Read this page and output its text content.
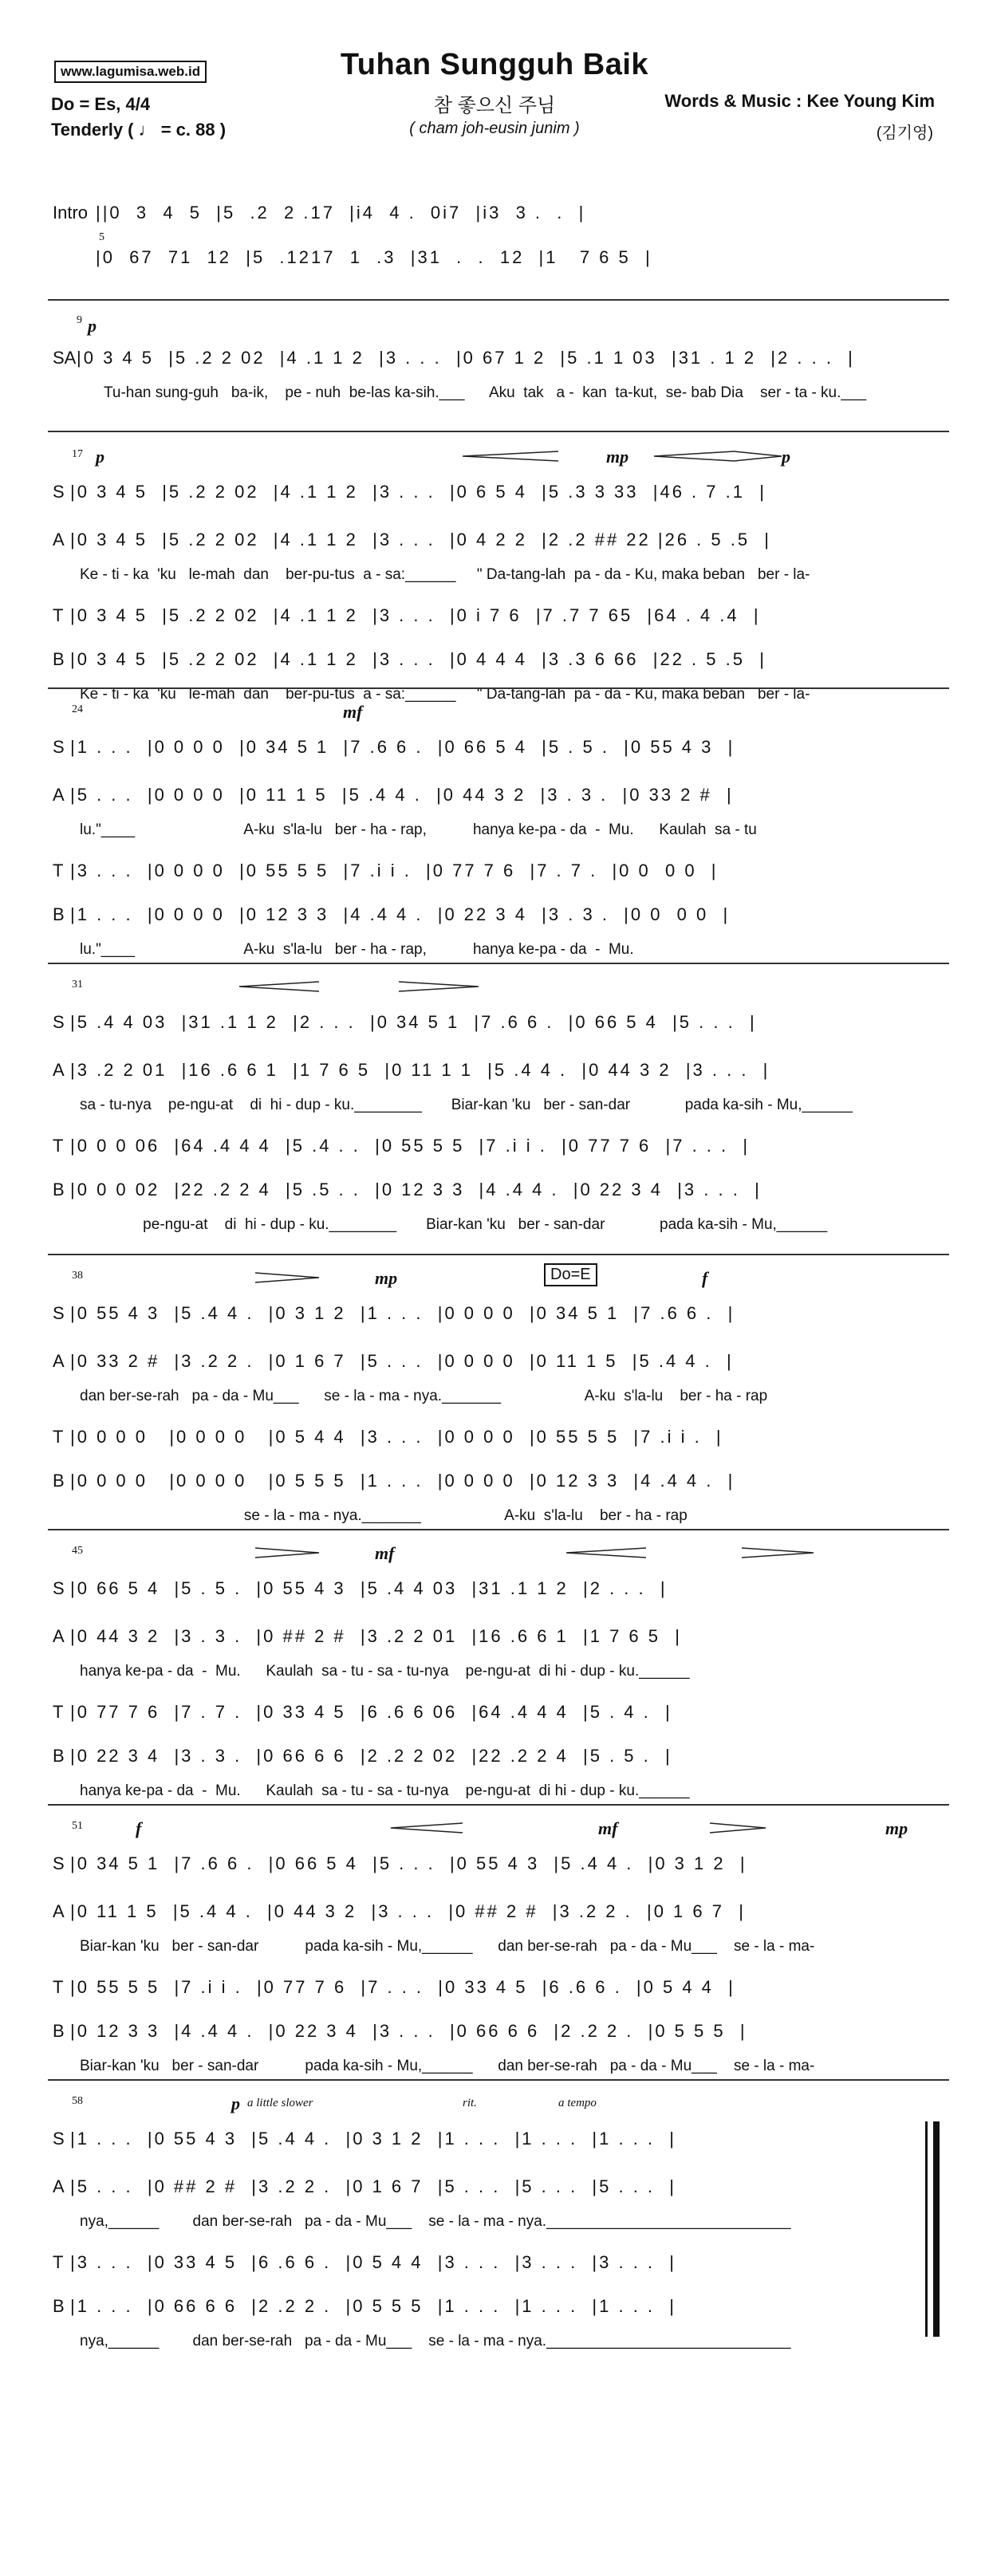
www.lagumisa.web.id	Tuhan Sungguh Baik
참 좋으신 주님
( cham joh-eusin junim )
Do = Es, 4/4
Tenderly ( ♩ = c. 88 )
Words & Music : Kee Young Kim
(김기영)

Intro

||0  3  4  5  |5  .2  2 .17  |i4  4 .  0i7  |i3  3 .  .  |

5

|0  67  71  12  |5  .1217  1  .3  |31  .  .  12  |1   7 6 5  |

9 p

SA

|0 3 4 5  |5 .2 2 02  |4 .1 1 2  |3 . . .  |0 67 1 2  |5 .1 1 03  |31 . 1 2  |2 . . .  |

Tu-han sung-guh   ba-ik,    pe - nuh  be-las ka-sih.___      Aku  tak   a -  kan  ta-kut,  se- bab Dia    ser - ta - ku.___

17 p	mp	p
S |0 3 4 5  |5 .2 2 02  |4 .1 1 2  |3 . . .  |0 6 5 4  |5 .3 3 33  |46 . 7 .1  |
A |0 3 4 5  |5 .2 2 02  |4 .1 1 2  |3 . . .  |0 4 2 2  |2 .2 ## 22 |26 . 5 .5  |
T |0 3 4 5  |5 .2 2 02  |4 .1 1 2  |3 . . .  |0 i 7 6  |7 .7 7 65  |64 . 4 .4  |
B |0 3 4 5  |5 .2 2 02  |4 .1 1 2  |3 . . .  |0 4 4 4  |3 .3 6 66  |22 . 5 .5  |
Ke - ti - ka  'ku   le-mah  dan    ber-pu-tus  a - sa:______     " Da-tang-lah  pa - da - Ku, maka beban   ber - la-
Ke - ti - ka  'ku   le-mah  dan    ber-pu-tus  a - sa:______     " Da-tang-lah  pa - da - Ku, maka beban   ber - la-
24	mf
S |1 . . .  |0 0 0 0  |0 34 5 1  |7 .6 6 .  |0 66 5 4  |5 . 5 .  |0 55 4 3  |
A |5 . . .  |0 0 0 0  |0 11 1 5  |5 .4 4 .  |0 44 3 2  |3 . 3 .  |0 33 2 #  |
T |3 . . .  |0 0 0 0  |0 55 5 5  |7 .i i .  |0 77 7 6  |7 . 7 .  |0 0  0 0  |
B |1 . . .  |0 0 0 0  |0 12 3 3  |4 .4 4 .  |0 22 3 4  |3 . 3 .  |0 0  0 0  |
lu."____                          A-ku  s'la-lu   ber - ha - rap,           hanya ke-pa - da  -  Mu.      Kaulah  sa - tu
lu."____                          A-ku  s'la-lu   ber - ha - rap,           hanya ke-pa - da  -  Mu.
31
S |5 .4 4 03  |31 .1 1 2  |2 . . .  |0 34 5 1  |7 .6 6 .  |0 66 5 4  |5 . . .  |
A |3 .2 2 01  |16 .6 6 1  |1 7 6 5  |0 11 1 1  |5 .4 4 .  |0 44 3 2  |3 . . .  |
T |0 0 0 06  |64 .4 4 4  |5 .4 . .  |0 55 5 5  |7 .i i .  |0 77 7 6  |7 . . .  |
B |0 0 0 02  |22 .2 2 4  |5 .5 . .  |0 12 3 3  |4 .4 4 .  |0 22 3 4  |3 . . .  |
sa - tu-nya    pe-ngu-at    di  hi - dup - ku.________       Biar-kan 'ku   ber - san-dar             pada ka-sih - Mu,______
pe-ngu-at    di  hi - dup - ku.________       Biar-kan 'ku   ber - san-dar             pada ka-sih - Mu,______
38	mp	f
Do=E
S |0 55 4 3  |5 .4 4 .  |0 3 1 2  |1 . . .  |0 0 0 0  |0 34 5 1  |7 .6 6 .  |
A |0 33 2 #  |3 .2 2 .  |0 1 6 7  |5 . . .  |0 0 0 0  |0 11 1 5  |5 .4 4 .  |
T |0 0 0 0   |0 0 0 0   |0 5 4 4  |3 . . .  |0 0 0 0  |0 55 5 5  |7 .i i .  |
B |0 0 0 0   |0 0 0 0   |0 5 5 5  |1 . . .  |0 0 0 0  |0 12 3 3  |4 .4 4 .  |
dan ber-se-rah   pa - da - Mu___      se - la - ma - nya._______                    A-ku  s'la-lu    ber - ha - rap
se - la - ma - nya._______                    A-ku  s'la-lu    ber - ha - rap
45	mf
S |0 66 5 4  |5 . 5 .  |0 55 4 3  |5 .4 4 03  |31 .1 1 2  |2 . . .  |
A |0 44 3 2  |3 . 3 .  |0 ## 2 #  |3 .2 2 01  |16 .6 6 1  |1 7 6 5  |
T |0 77 7 6  |7 . 7 .  |0 33 4 5  |6 .6 6 06  |64 .4 4 4  |5 . 4 .  |
B |0 22 3 4  |3 . 3 .  |0 66 6 6  |2 .2 2 02  |22 .2 2 4  |5 . 5 .  |
hanya ke-pa - da  -  Mu.      Kaulah  sa - tu - sa - tu-nya    pe-ngu-at  di hi - dup - ku.______
hanya ke-pa - da  -  Mu.      Kaulah  sa - tu - sa - tu-nya    pe-ngu-at  di hi - dup - ku.______
51	f	mf	mp
S |0 34 5 1  |7 .6 6 .  |0 66 5 4  |5 . . .  |0 55 4 3  |5 .4 4 .  |0 3 1 2  |
A |0 11 1 5  |5 .4 4 .  |0 44 3 2  |3 . . .  |0 ## 2 #  |3 .2 2 .  |0 1 6 7  |
T |0 55 5 5  |7 .i i .  |0 77 7 6  |7 . . .  |0 33 4 5  |6 .6 6 .  |0 5 4 4  |
B |0 12 3 3  |4 .4 4 .  |0 22 3 4  |3 . . .  |0 66 6 6  |2 .2 2 .  |0 5 5 5  |
Biar-kan 'ku   ber - san-dar           pada ka-sih - Mu,______      dan ber-se-rah   pa - da - Mu___    se - la - ma-
Biar-kan 'ku   ber - san-dar           pada ka-sih - Mu,______      dan ber-se-rah   pa - da - Mu___    se - la - ma-
58	p a little slower	rit.	a tempo
S |1 . . .  |0 55 4 3  |5 .4 4 .  |0 3 1 2  |1 . . .  |1 . . .  |1 . . .  |
A |5 . . .  |0 ## 2 #  |3 .2 2 .  |0 1 6 7  |5 . . .  |5 . . .  |5 . . .  |
T |3 . . .  |0 33 4 5  |6 .6 6 .  |0 5 4 4  |3 . . .  |3 . . .  |3 . . .  |
B |1 . . .  |0 66 6 6  |2 .2 2 .  |0 5 5 5  |1 . . .  |1 . . .  |1 . . .  |
nya,______        dan ber-se-rah   pa - da - Mu___    se - la - ma - nya._____________________________
nya,______        dan ber-se-rah   pa - da - Mu___    se - la - ma - nya._____________________________
